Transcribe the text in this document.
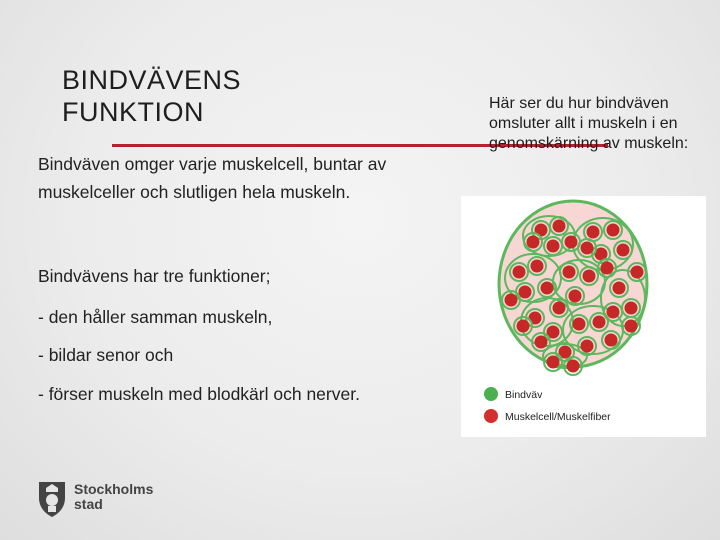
BINDVÄVENS
FUNKTION
Bindväven omger varje muskelcell, buntar av muskelceller och slutligen hela muskeln.
Bindvävens har tre funktioner;
- den håller samman muskeln,
- bildar senor och
- förser muskeln med blodkärl och nerver.
Här ser du hur bindväven omsluter allt i muskeln i en genomskärning av muskeln:
Bindväv
Muskelcell/Muskelfiber
Stockholms
stad
